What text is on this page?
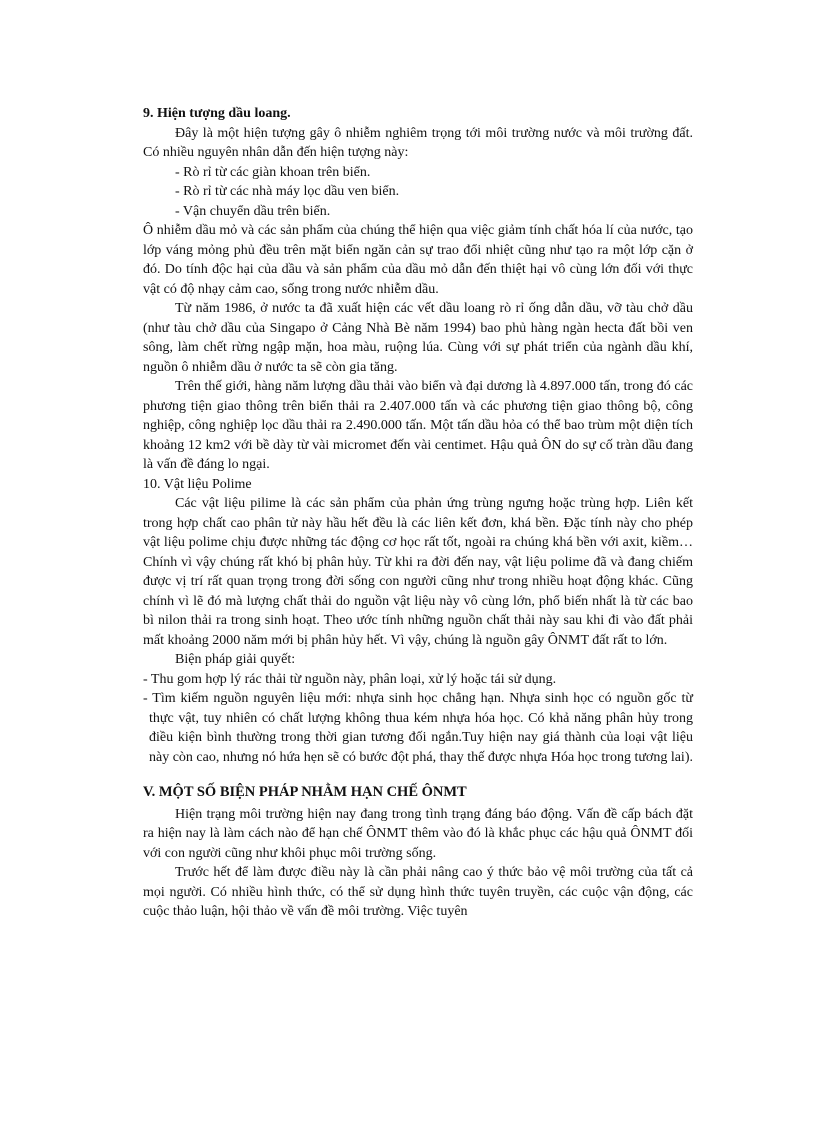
9. Hiện tượng dầu loang.

Đây là một hiện tượng gây ô nhiễm nghiêm trọng tới môi trường nước và môi trường đất. Có nhiều nguyên nhân dẫn đến hiện tượng này:

- Rò rỉ từ các giàn khoan trên biển.

- Rò rỉ từ các nhà máy lọc dầu ven biển.

- Vận chuyển dầu trên biển.

Ô nhiễm dầu mỏ và các sản phẩm của chúng thể hiện qua việc giảm tính chất hóa lí của nước, tạo lớp váng mỏng phủ đều trên mặt biển ngăn cản sự trao đổi nhiệt cũng như tạo ra một lớp cặn ở đó. Do tính độc hại của dầu và sản phẩm của dầu mỏ dẫn đến thiệt hại vô cùng lớn đối với thực vật có độ nhạy cảm cao, sống trong nước nhiễm dầu.

Từ năm 1986, ở nước ta đã xuất hiện các vết dầu loang rò rỉ ống dẫn dầu, vỡ tàu chở dầu (như tàu chở dầu của Singapo ở Cảng Nhà Bè năm 1994) bao phủ hàng ngàn hecta đất bồi ven sông, làm chết rừng ngập mặn, hoa màu, ruộng lúa. Cùng với sự phát triển của ngành dầu khí, nguồn ô nhiễm dầu ở nước ta sẽ còn gia tăng.

Trên thế giới, hàng năm lượng dầu thải vào biển và đại dương là 4.897.000 tấn, trong đó các phương tiện giao thông trên biển thải ra 2.407.000 tấn và các phương tiện giao thông bộ, công nghiệp, công nghiệp lọc dầu thải ra 2.490.000 tấn. Một tấn dầu hỏa có thể bao trùm một diện tích khoảng 12 km2 với bề dày từ vài micromet đến vài centimet. Hậu quả ÔN do sự cố tràn dầu đang là vấn đề đáng lo ngại.

10. Vật liệu Polime

Các vật liệu pilime là các sản phẩm của phản ứng trùng ngưng hoặc trùng hợp. Liên kết trong hợp chất cao phân tử này hầu hết đều là các liên kết đơn, khá bền. Đặc tính này cho phép vật liệu polime chịu được những tác động cơ học rất tốt, ngoài ra chúng khá bền với axit, kiềm… Chính vì vậy chúng rất khó bị phân hủy. Từ khi ra đời đến nay, vật liệu polime đã và đang chiếm được vị trí rất quan trọng trong đời sống con người cũng như trong nhiều hoạt động khác. Cũng chính vì lẽ đó mà lượng chất thải do nguồn vật liệu này vô cùng lớn, phổ biến nhất là từ các bao bì nilon thải ra trong sinh hoạt. Theo ước tính những nguồn chất thải này sau khi đi vào đất phải mất khoảng 2000 năm mới bị phân hủy hết. Vì vậy, chúng là nguồn gây ÔNMT đất rất to lớn.

Biện pháp giải quyết:

- Thu gom hợp lý rác thải từ nguồn này, phân loại, xử lý hoặc tái sử dụng.

- Tìm kiếm nguồn nguyên liệu mới: nhựa sinh học chẳng hạn. Nhựa sinh học có nguồn gốc từ thực vật, tuy nhiên có chất lượng không thua kém nhựa hóa học. Có khả năng phân hủy trong điều kiện bình thường trong thời gian tương đối ngắn.Tuy hiện nay giá thành của loại vật liệu này còn cao, nhưng nó hứa hẹn sẽ có bước đột phá, thay thế được nhựa Hóa học trong tương lai).

V. MỘT SỐ BIỆN PHÁP NHẰM HẠN CHẾ ÔNMT

Hiện trạng môi trường hiện nay đang trong tình trạng đáng báo động. Vấn đề cấp bách đặt ra hiện nay là làm cách nào để hạn chế ÔNMT thêm vào đó là khắc phục các hậu quả ÔNMT đối với con người cũng như khôi phục môi trường sống.

Trước hết để làm được điều này là cần phải nâng cao ý thức bảo vệ môi trường của tất cả mọi người. Có nhiều hình thức, có thể sử dụng hình thức tuyên truyền, các cuộc vận động, các cuộc thảo luận, hội thảo về vấn đề môi trường. Việc tuyên
